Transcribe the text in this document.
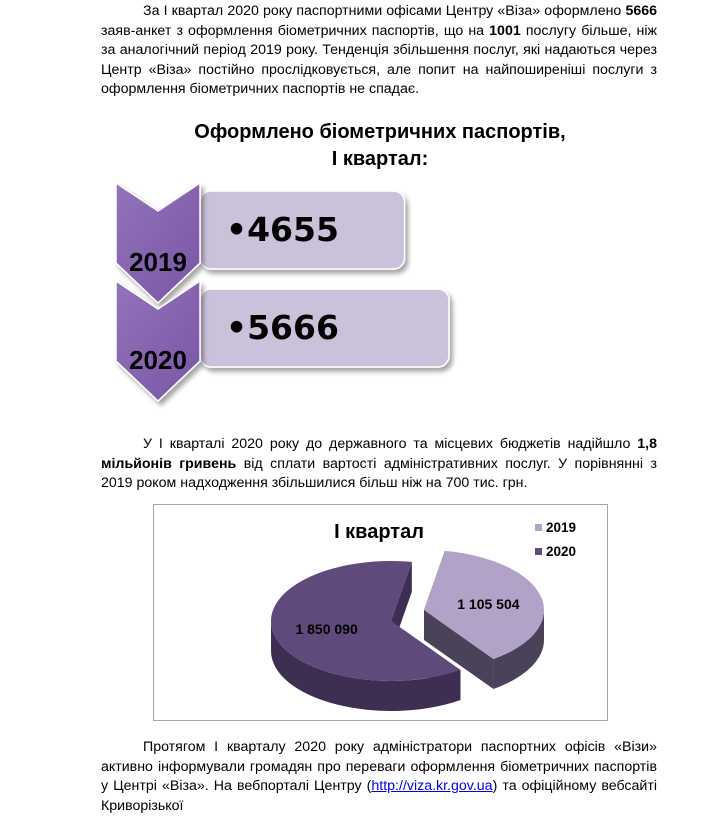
За І квартал 2020 року паспортними офісами Центру «Віза» оформлено 5666 заяв-анкет з оформлення біометричних паспортів, що на 1001 послугу більше, ніж за аналогічний період 2019 року. Тенденція збільшення послуг, які надаються через Центр «Віза» постійно прослідковується, але попит на найпоширеніші послуги з оформлення біометричних паспортів не спадає.
Оформлено біометричних паспортів,
І квартал:
2019
•4655
2020
•5666
У І кварталі 2020 року до державного та місцевих бюджетів надійшло 1,8 мільйонів гривень від сплати вартості адміністративних послуг. У порівнянні з 2019 роком надходження збільшилися більш ніж на 700 тис. грн.
1 105 504
1 850 090
І квартал	2019
2020
Протягом І кварталу 2020 року адміністратори паспортних офісів «Візи» активно інформували громадян про переваги оформлення біометричних паспортів у Центрі «Віза». На вебпорталі Центру (http://viza.kr.gov.ua) та офіційному вебсайті Криворізької
